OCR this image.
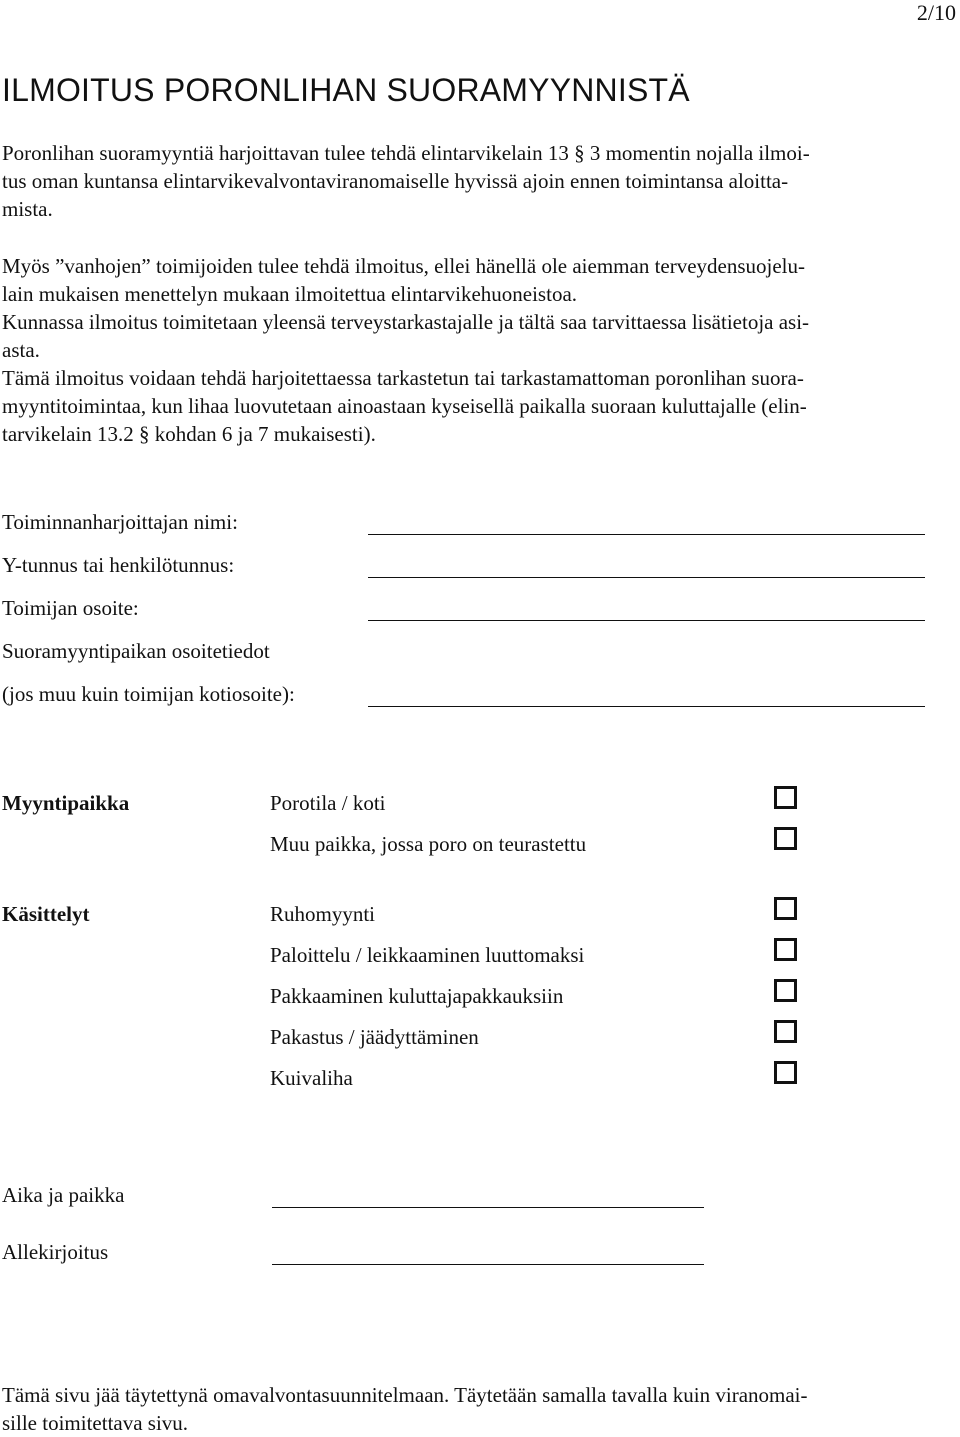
2/10
ILMOITUS PORONLIHAN SUORAMYYNNISTÄ

Poronlihan suoramyyntiä harjoittavan tulee tehdä elintarvikelain 13 § 3 momentin nojalla ilmoi-

tus oman kuntansa elintarvikevalvontaviranomaiselle hyvissä ajoin ennen toimintansa aloitta-

mista.

Myös ”vanhojen” toimijoiden tulee tehdä ilmoitus, ellei hänellä ole aiemman terveydensuojelu-

lain mukaisen menettelyn mukaan ilmoitettua elintarvikehuoneistoa.

Kunnassa ilmoitus toimitetaan yleensä terveystarkastajalle ja tältä saa tarvittaessa lisätietoja asi-

asta.

Tämä ilmoitus voidaan tehdä harjoitettaessa tarkastetun tai tarkastamattoman poronlihan suora-

myyntitoimintaa, kun lihaa luovutetaan ainoastaan kyseisellä paikalla suoraan kuluttajalle (elin-

tarvikelain 13.2 § kohdan 6 ja 7 mukaisesti).

Toiminnanharjoittajan nimi:
Y-tunnus tai henkilötunnus:
Toimijan osoite:
Suoramyyntipaikan osoitetiedot
(jos muu kuin toimijan kotiosoite):
Myyntipaikka	Porotila / koti
Muu paikka, jossa poro on teurastettu
Käsittelyt	Ruhomyynti
Paloittelu / leikkaaminen luuttomaksi
Pakkaaminen kuluttajapakkauksiin
Pakastus / jäädyttäminen
Kuivaliha
Aika ja paikka
Allekirjoitus
Tämä sivu jää täytettynä omavalvontasuunnitelmaan. Täytetään samalla tavalla kuin viranomai-
sille toimitettava sivu.
